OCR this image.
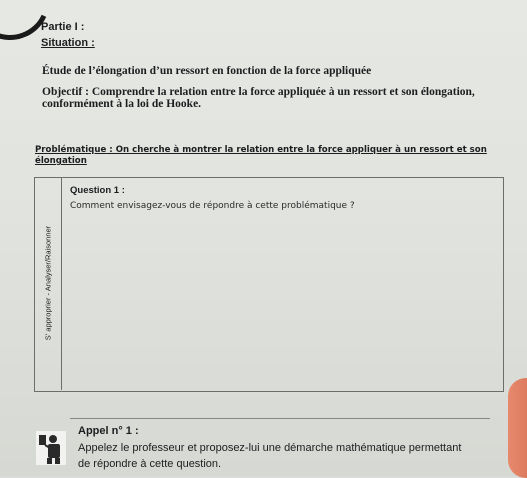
Partie I :
Situation :
Étude de l’élongation d’un ressort en fonction de la force appliquée
Objectif : Comprendre la relation entre la force appliquée à un ressort et son élongation,
conformément à la loi de Hooke.
Problématique : On cherche à montrer la relation entre la force appliquer à un ressort et son
élongation
S’ approprier - Analyser/Raisonner
Question 1 :
Comment envisagez-vous de répondre à cette problématique ?
Appel n° 1 :
Appelez le professeur et proposez-lui une démarche mathématique permettant
de répondre à cette question.
